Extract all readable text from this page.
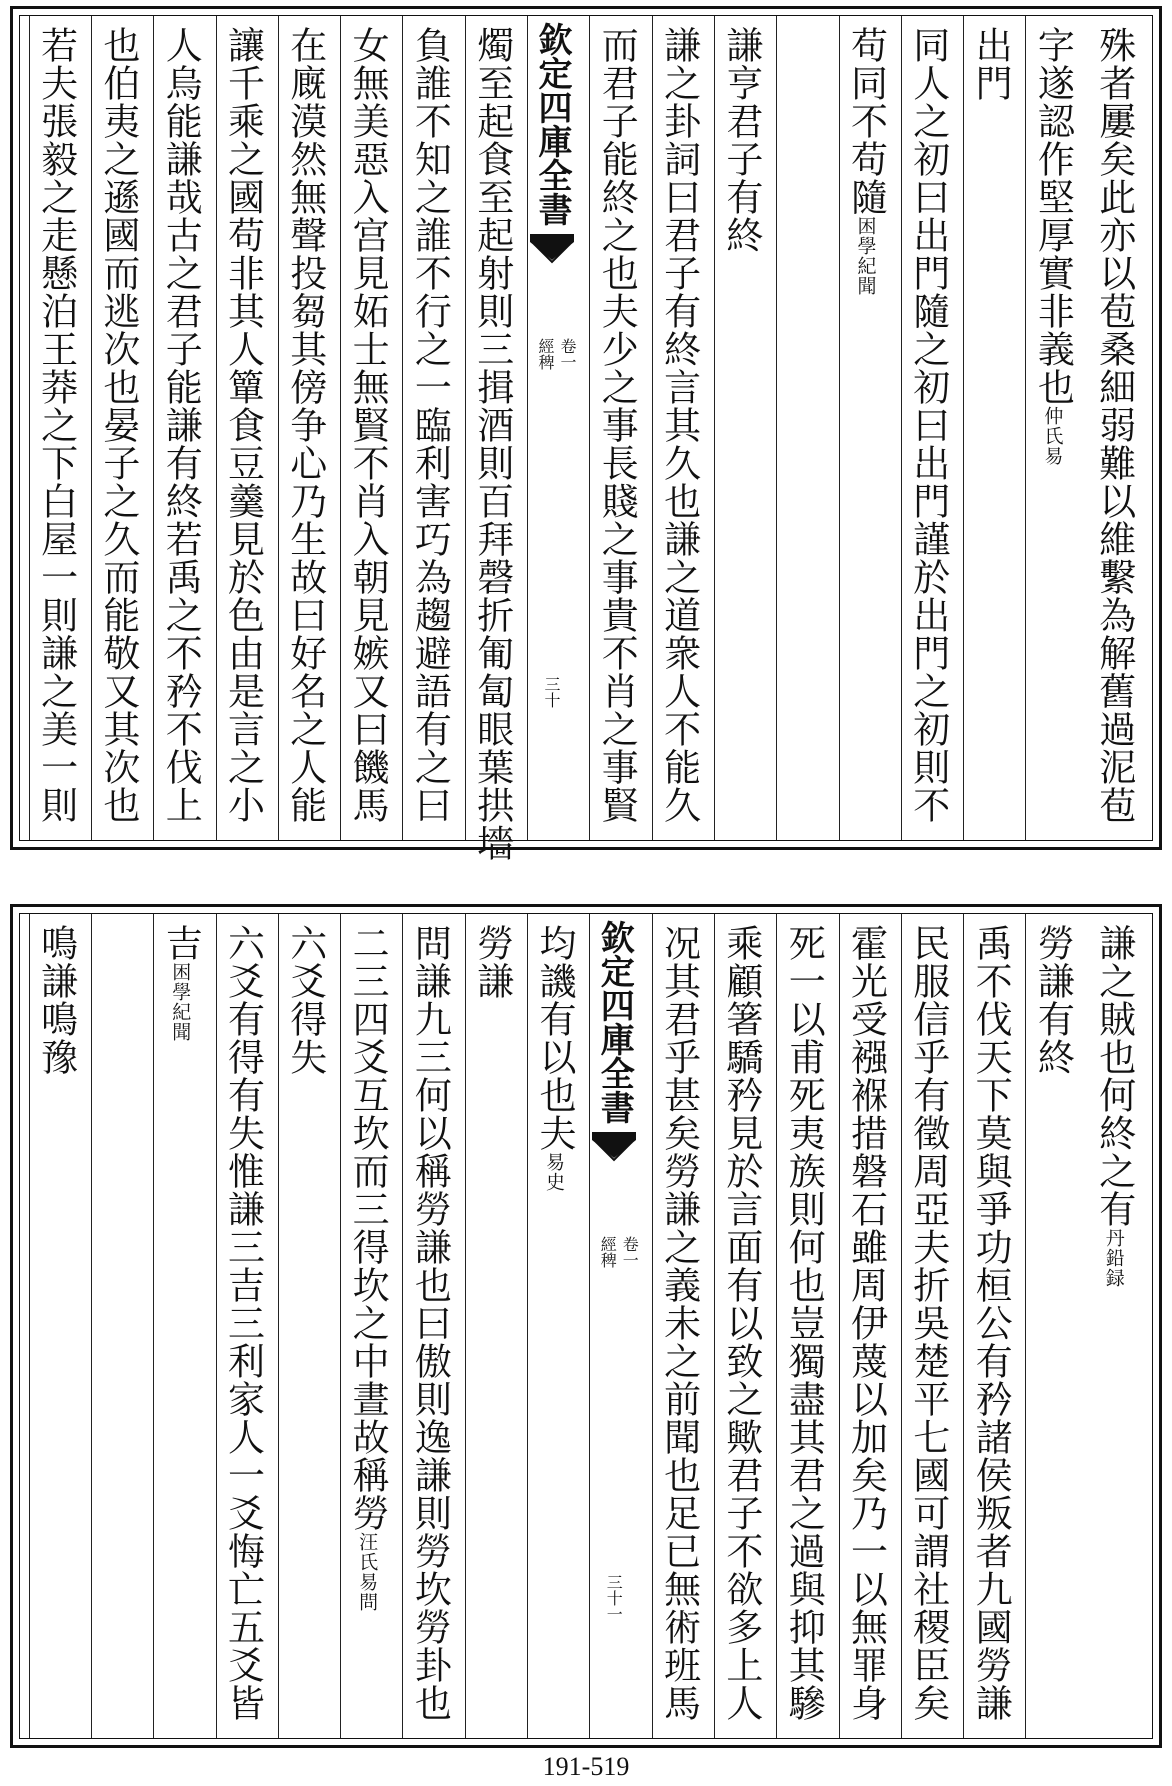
殊者屢矣此亦以苞桑細弱難以維繫為解舊過泥苞
字遂認作堅厚實非義也仲氏易
出門
同人之初曰出門隨之初曰出門謹於出門之初則不
苟同不苟隨困學紀聞
謙亨君子有終
謙之卦詞曰君子有終言其久也謙之道衆人不能久
而君子能終之也夫少之事長賤之事貴不肖之事賢
欽定四庫全書
經稗 卷一
三十
燭至起食至起射則三揖酒則百拜磬折匍匐眼葉拱墻
負誰不知之誰不行之一臨利害巧為趨避語有之曰
女無美惡入宫見妬士無賢不肖入朝見嫉又曰饑馬
在廐漠然無聲投芻其傍争心乃生故曰好名之人能
讓千乘之國苟非其人簞食豆羹見於色由是言之小
人烏能謙哉古之君子能謙有終若禹之不矜不伐上
也伯夷之遜國而逃次也晏子之久而能敬又其次也
若夫張毅之走懸泊王莽之下白屋一則謙之美一則
謙之賊也何終之有丹鉛録
勞謙有終
禹不伐天下莫與爭功桓公有矜諸侯叛者九國勞謙
民服信乎有徵周亞夫折吳楚平七國可謂社稷臣矣
霍光受襁褓措磐石雖周伊蔑以加矣乃一以無罪身
死一以甫死夷族則何也豈獨盡其君之過與抑其驂
乘顧箸驕矜見於言面有以致之歟君子不欲多上人
况其君乎甚矣勞謙之義未之前聞也足已無術班馬
欽定四庫全書
經稗 卷一
三十一
均譏有以也夫易史
勞謙
問謙九三何以稱勞謙也曰傲則逸謙則勞坎勞卦也
二三四爻互坎而三得坎之中晝故稱勞汪氏易問
六爻得失
六爻有得有失惟謙三吉三利家人一爻悔亡五爻皆
吉困學紀聞
鳴謙鳴豫
191-519
